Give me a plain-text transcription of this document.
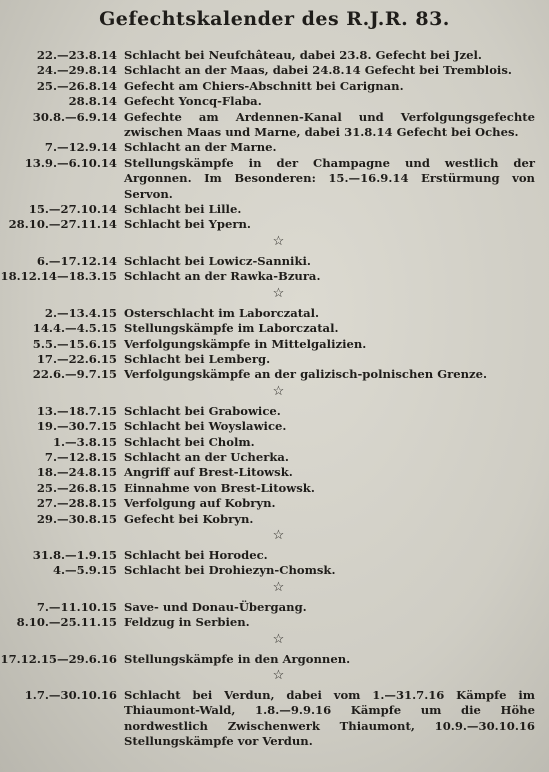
Gefechtskalender des R.J.R. 83.
22.—23.8.14 Schlacht bei Neufchâteau, dabei 23.8. Gefecht bei Jzel.
24.—29.8.14 Schlacht an der Maas, dabei 24.8.14 Gefecht bei Tremblois.
25.—26.8.14 Gefecht am Chiers-Abschnitt bei Carignan.
28.8.14 Gefecht Yoncq-Flaba.
30.8.—6.9.14 Gefechte am Ardennen-Kanal und Verfolgungsgefechte zwischen Maas und Marne, dabei 31.8.14 Gefecht bei Oches.
7.—12.9.14 Schlacht an der Marne.
13.9.—6.10.14 Stellungskämpfe in der Champagne und westlich der Argonnen. Im Besonderen: 15.—16.9.14 Erstürmung von Servon.
15.—27.10.14 Schlacht bei Lille.
28.10.—27.11.14 Schlacht bei Ypern.
☆
6.—17.12.14 Schlacht bei Lowicz-Sanniki.
18.12.14—18.3.15 Schlacht an der Rawka-Bzura.
☆
2.—13.4.15 Osterschlacht im Laborczatal.
14.4.—4.5.15 Stellungskämpfe im Laborczatal.
5.5.—15.6.15 Verfolgungskämpfe in Mittelgalizien.
17.—22.6.15 Schlacht bei Lemberg.
22.6.—9.7.15 Verfolgungskämpfe an der galizisch-polnischen Grenze.
☆
13.—18.7.15 Schlacht bei Grabowice.
19.—30.7.15 Schlacht bei Woyslawice.
1.—3.8.15 Schlacht bei Cholm.
7.—12.8.15 Schlacht an der Ucherka.
18.—24.8.15 Angriff auf Brest-Litowsk.
25.—26.8.15 Einnahme von Brest-Litowsk.
27.—28.8.15 Verfolgung auf Kobryn.
29.—30.8.15 Gefecht bei Kobryn.
☆
31.8.—1.9.15 Schlacht bei Horodec.
4.—5.9.15 Schlacht bei Drohiezyn-Chomsk.
☆
7.—11.10.15 Save- und Donau-Übergang.
8.10.—25.11.15 Feldzug in Serbien.
☆
17.12.15—29.6.16 Stellungskämpfe in den Argonnen.
☆
1.7.—30.10.16 Schlacht bei Verdun, dabei vom 1.—31.7.16 Kämpfe im Thiaumont-Wald, 1.8.—9.9.16 Kämpfe um die Höhe nordwestlich Zwischenwerk Thiaumont, 10.9.—30.10.16 Stellungskämpfe vor Verdun.
